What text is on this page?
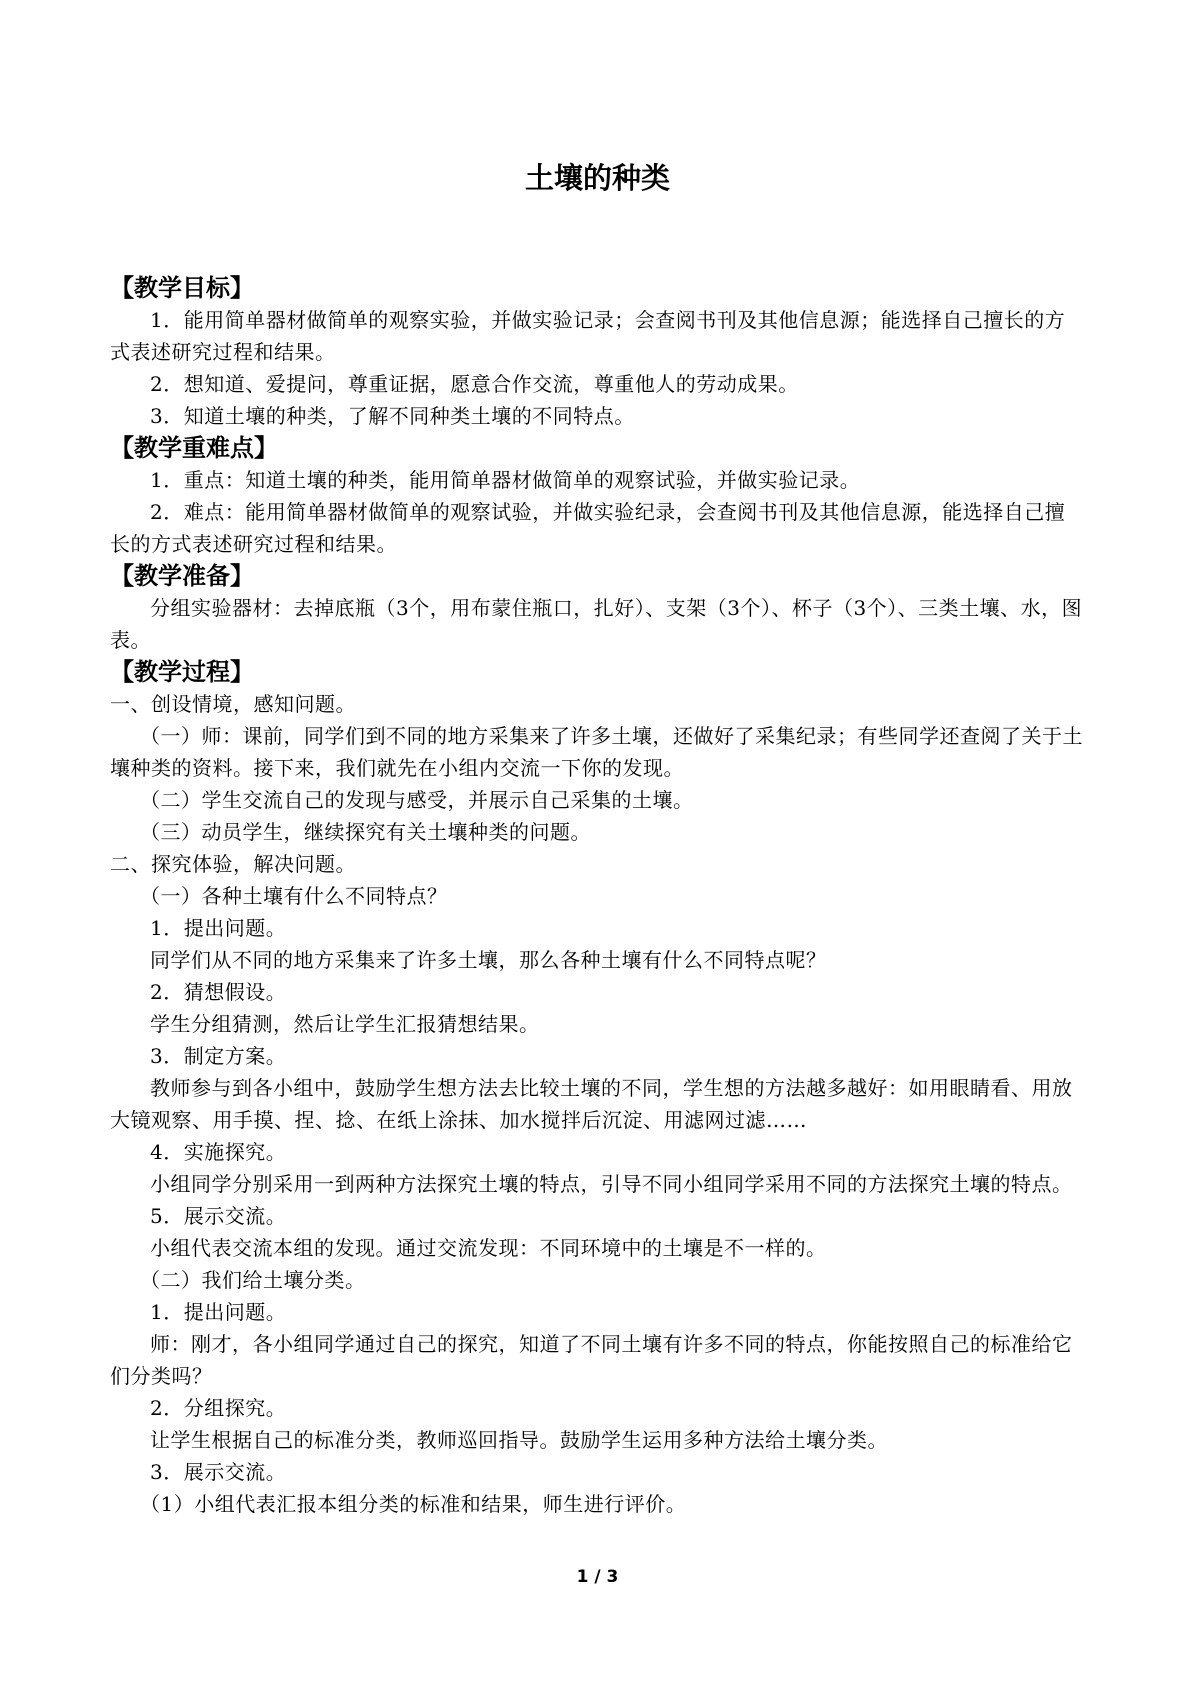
土壤的种类

【教学目标】

1．能用简单器材做简单的观察实验，并做实验记录；会查阅书刊及其他信息源；能选择自己擅长的方式表述研究过程和结果。

2．想知道、爱提问，尊重证据，愿意合作交流，尊重他人的劳动成果。

3．知道土壤的种类，了解不同种类土壤的不同特点。

【教学重难点】

1．重点：知道土壤的种类，能用简单器材做简单的观察试验，并做实验记录。

2．难点：能用简单器材做简单的观察试验，并做实验纪录，会查阅书刊及其他信息源，能选择自己擅长的方式表述研究过程和结果。

【教学准备】

分组实验器材：去掉底瓶（3个，用布蒙住瓶口，扎好）、支架（3个）、杯子（3个）、三类土壤、水，图表。

【教学过程】

一、创设情境，感知问题。

（一）师：课前，同学们到不同的地方采集来了许多土壤，还做好了采集纪录；有些同学还查阅了关于土壤种类的资料。接下来，我们就先在小组内交流一下你的发现。

（二）学生交流自己的发现与感受，并展示自己采集的土壤。

（三）动员学生，继续探究有关土壤种类的问题。

二、探究体验，解决问题。

（一）各种土壤有什么不同特点？

1．提出问题。

同学们从不同的地方采集来了许多土壤，那么各种土壤有什么不同特点呢？

2．猜想假设。

学生分组猜测，然后让学生汇报猜想结果。

3．制定方案。

教师参与到各小组中，鼓励学生想方法去比较土壤的不同，学生想的方法越多越好：如用眼睛看、用放大镜观察、用手摸、捏、捻、在纸上涂抹、加水搅拌后沉淀、用滤网过滤……

4．实施探究。

小组同学分别采用一到两种方法探究土壤的特点，引导不同小组同学采用不同的方法探究土壤的特点。

5．展示交流。

小组代表交流本组的发现。通过交流发现：不同环境中的土壤是不一样的。

（二）我们给土壤分类。

1．提出问题。

师：刚才，各小组同学通过自己的探究，知道了不同土壤有许多不同的特点，你能按照自己的标准给它们分类吗？

2．分组探究。

让学生根据自己的标准分类，教师巡回指导。鼓励学生运用多种方法给土壤分类。

3．展示交流。

（1）小组代表汇报本组分类的标准和结果，师生进行评价。

1 / 3
